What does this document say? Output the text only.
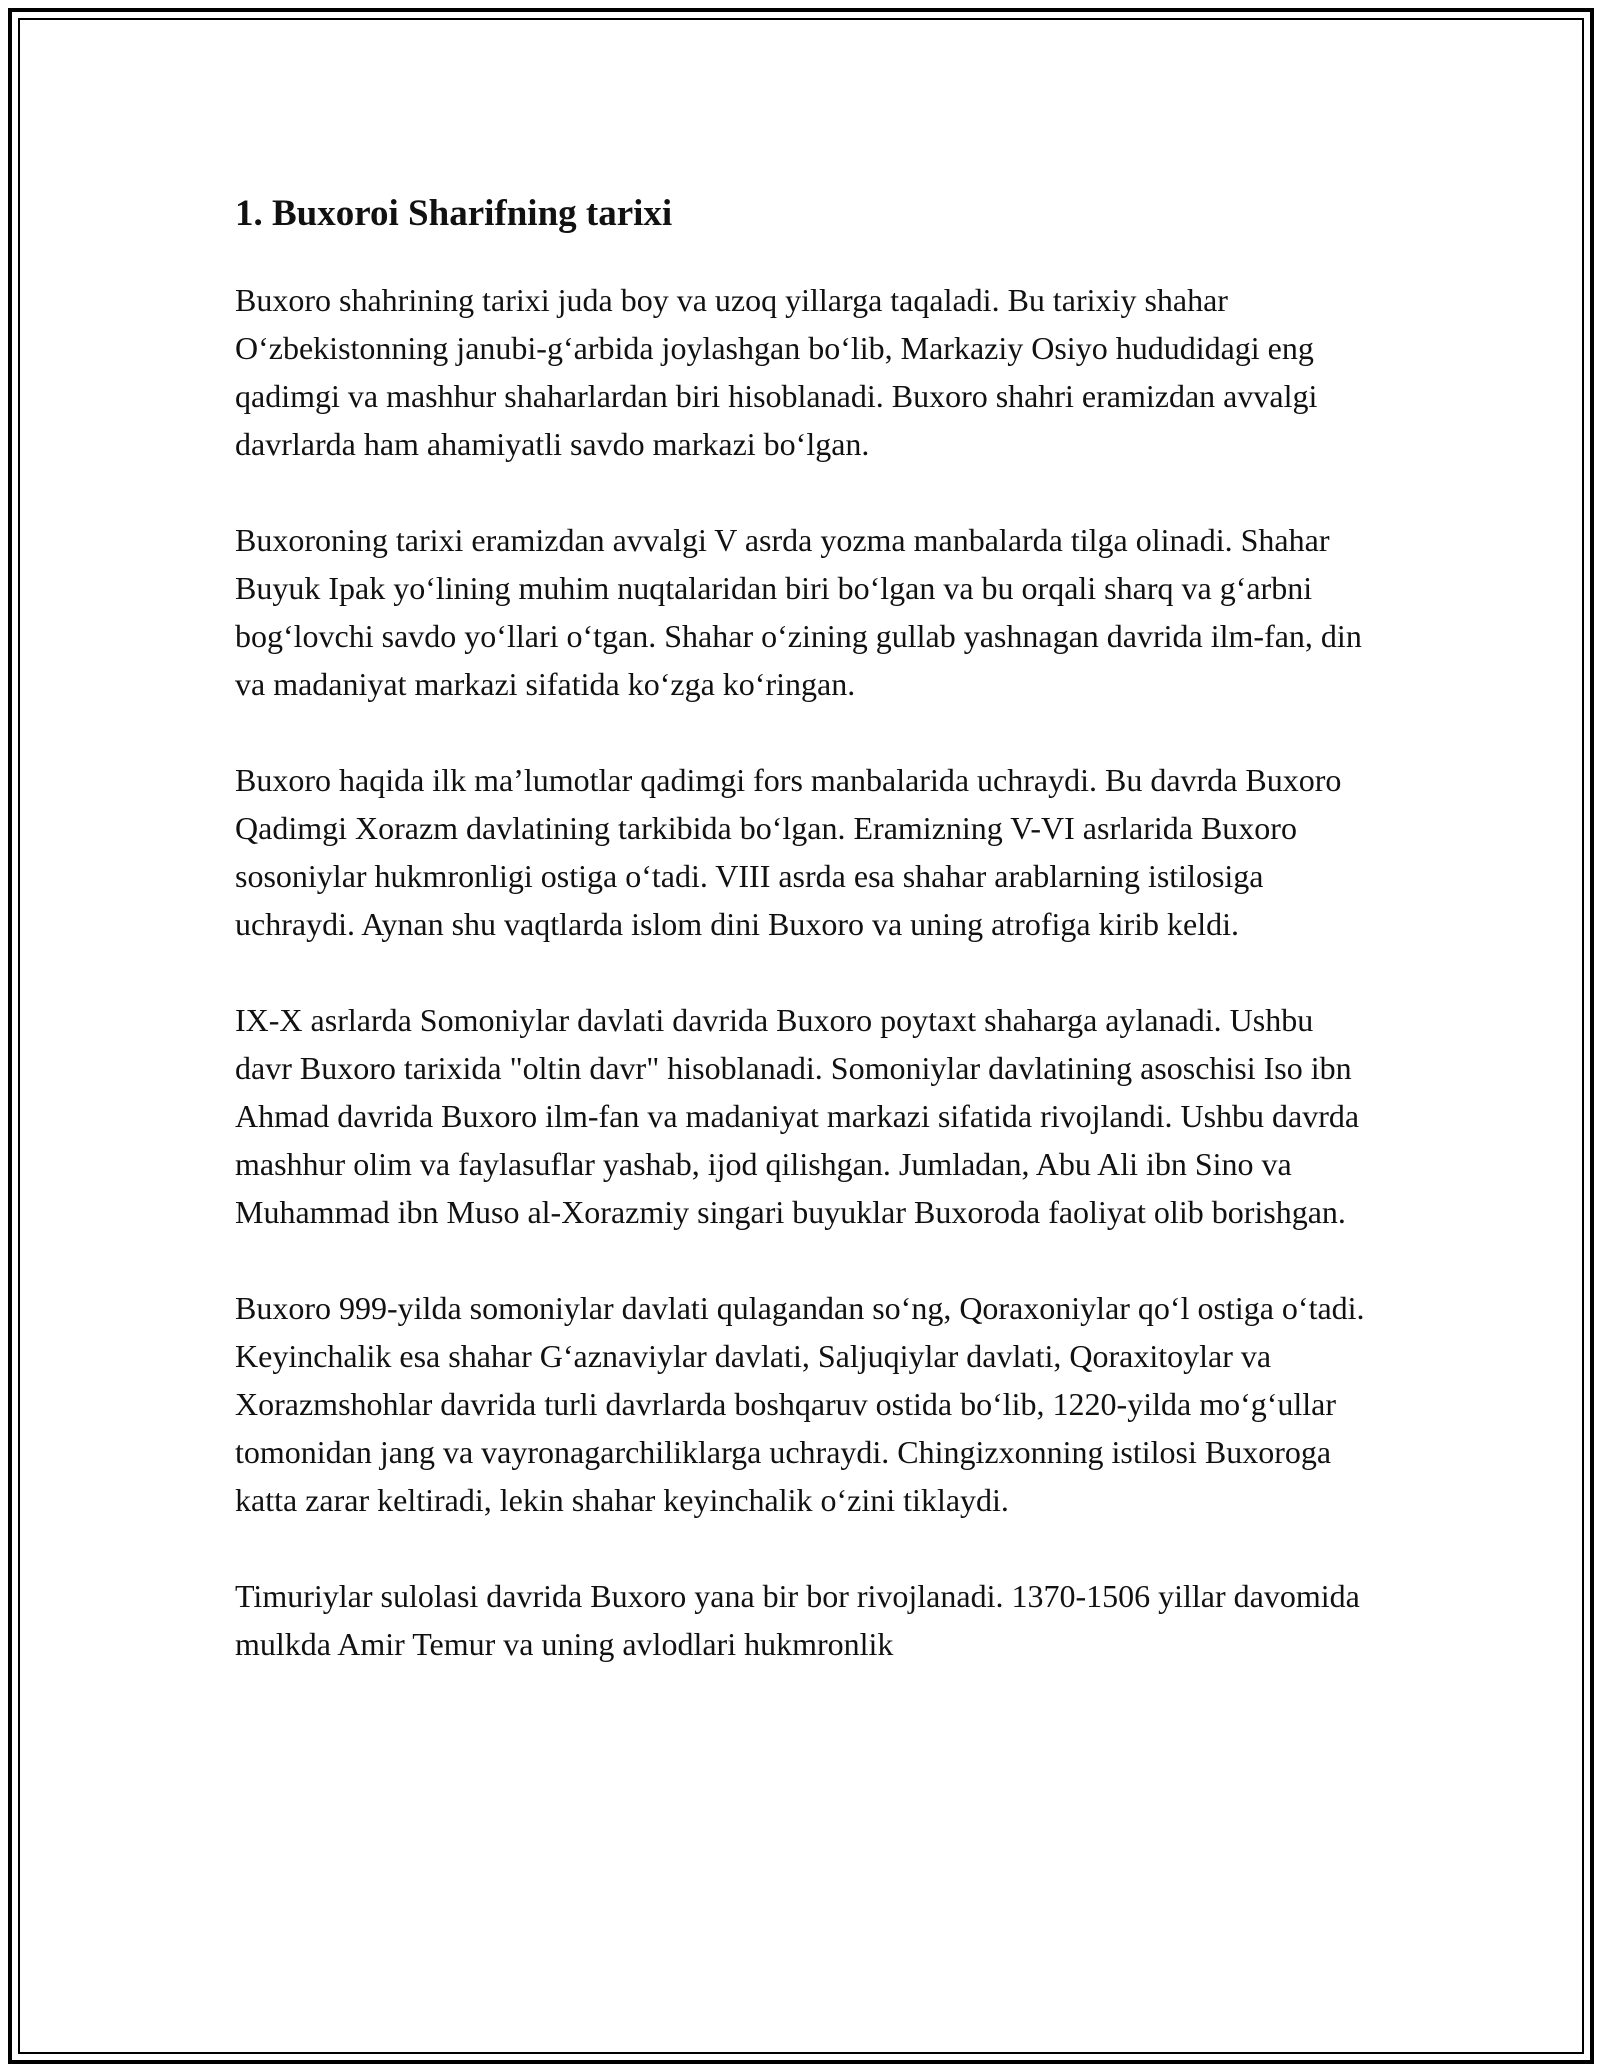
1. Buxoroi Sharifning tarixi

Buxoro shahrining tarixi juda boy va uzoq yillarga taqaladi. Bu tarixiy shahar O‘zbekistonning janubi-g‘arbida joylashgan bo‘lib, Markaziy Osiyo hududidagi eng qadimgi va mashhur shaharlardan biri hisoblanadi. Buxoro shahri eramizdan avvalgi davrlarda ham ahamiyatli savdo markazi bo‘lgan.

Buxoroning tarixi eramizdan avvalgi V asrda yozma manbalarda tilga olinadi. Shahar Buyuk Ipak yo‘lining muhim nuqtalaridan biri bo‘lgan va bu orqali sharq va g‘arbni bog‘lovchi savdo yo‘llari o‘tgan. Shahar o‘zining gullab yashnagan davrida ilm-fan, din va madaniyat markazi sifatida ko‘zga ko‘ringan.

Buxoro haqida ilk ma’lumotlar qadimgi fors manbalarida uchraydi. Bu davrda Buxoro Qadimgi Xorazm davlatining tarkibida bo‘lgan. Eramizning V-VI asrlarida Buxoro sosoniylar hukmronligi ostiga o‘tadi. VIII asrda esa shahar arablarning istilosiga uchraydi. Aynan shu vaqtlarda islom dini Buxoro va uning atrofiga kirib keldi.

IX-X asrlarda Somoniylar davlati davrida Buxoro poytaxt shaharga aylanadi. Ushbu davr Buxoro tarixida "oltin davr" hisoblanadi. Somoniylar davlatining asoschisi Iso ibn Ahmad davrida Buxoro ilm-fan va madaniyat markazi sifatida rivojlandi. Ushbu davrda mashhur olim va faylasuflar yashab, ijod qilishgan. Jumladan, Abu Ali ibn Sino va Muhammad ibn Muso al-Xorazmiy singari buyuklar Buxoroda faoliyat olib borishgan.

Buxoro 999-yilda somoniylar davlati qulagandan so‘ng, Qoraxoniylar qo‘l ostiga o‘tadi. Keyinchalik esa shahar G‘aznaviylar davlati, Saljuqiylar davlati, Qoraxitoylar va Xorazmshohlar davrida turli davrlarda boshqaruv ostida bo‘lib, 1220-yilda mo‘g‘ullar tomonidan jang va vayronagarchiliklarga uchraydi. Chingizxonning istilosi Buxoroga katta zarar keltiradi, lekin shahar keyinchalik o‘zini tiklaydi.

Timuriylar sulolasi davrida Buxoro yana bir bor rivojlanadi. 1370-1506 yillar davomida mulkda Amir Temur va uning avlodlari hukmronlik
